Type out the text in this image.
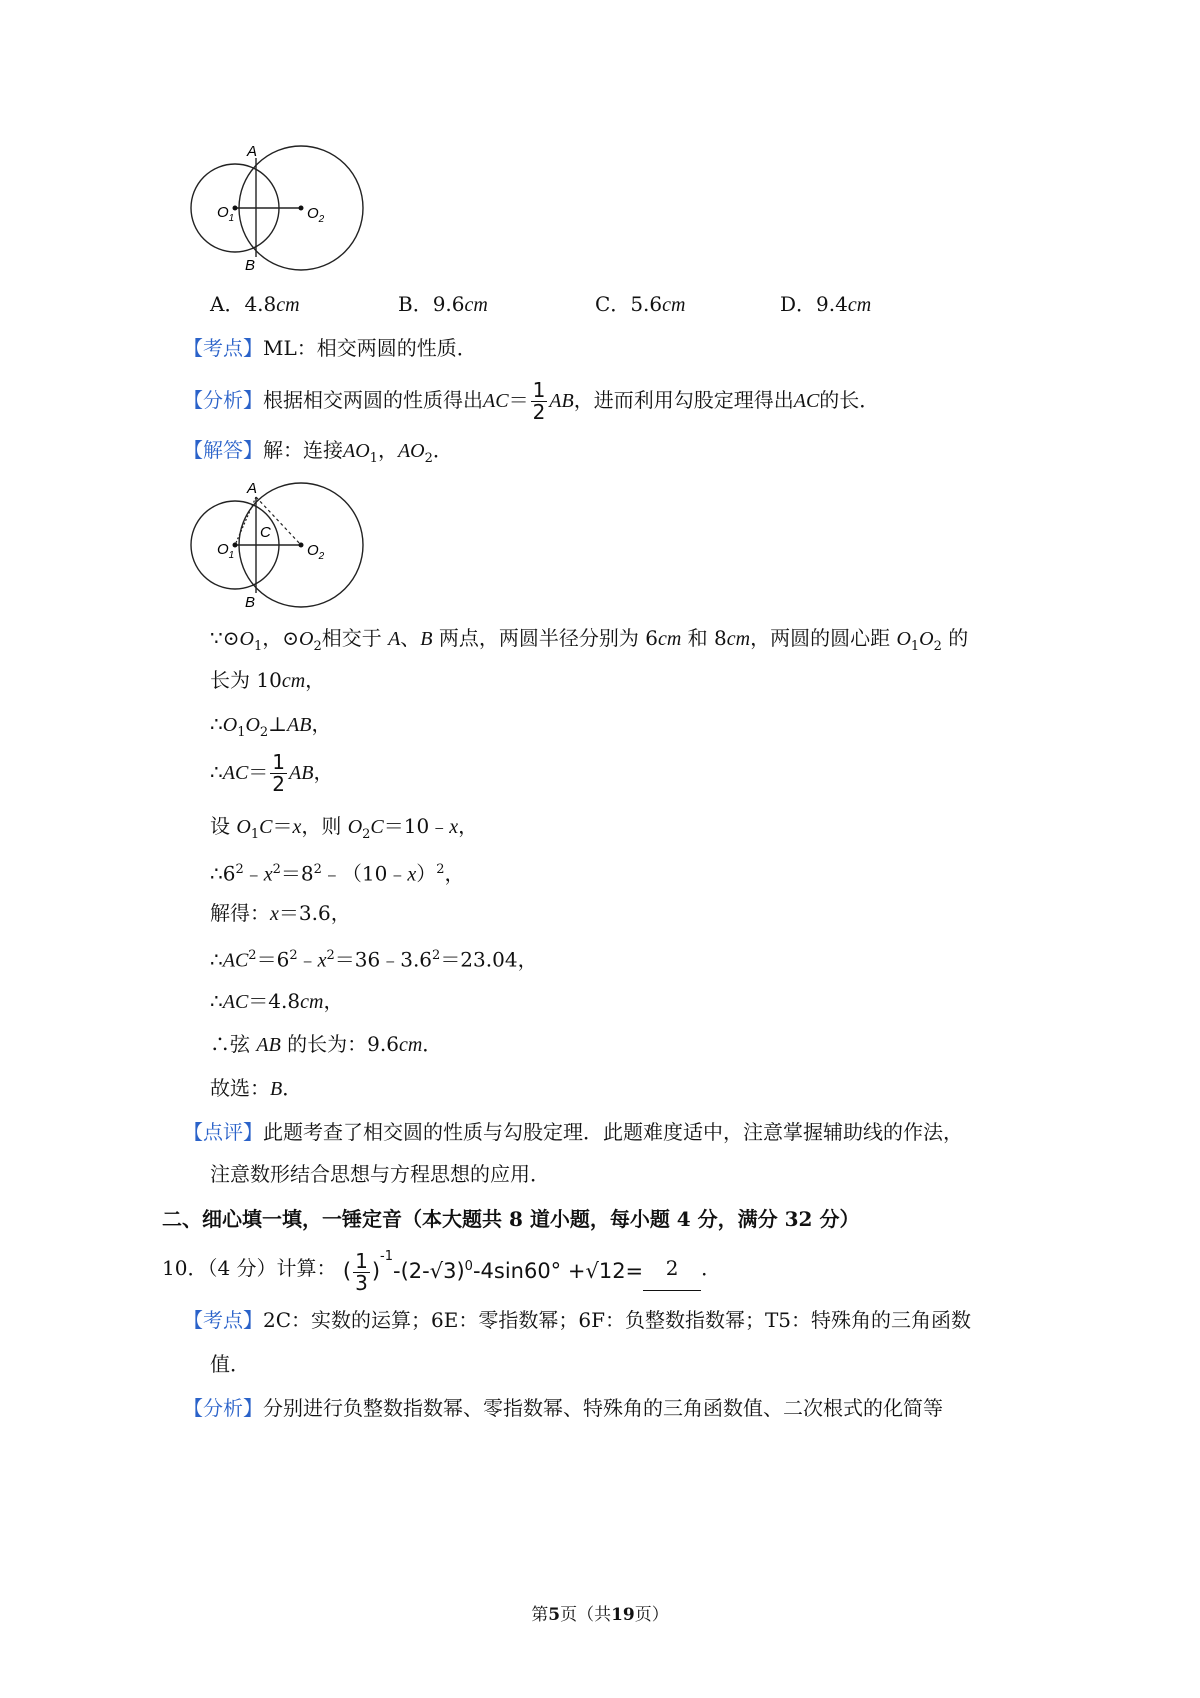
A
B
$O_1$	$O_2$
A．4.8cm	B．9.6cm	C．5.6cm	D．9.4cm
【考点】ML：相交两圆的性质．
【分析】根据相交两圆的性质得出$AC= \frac{1}{2}$ AB，进而利用勾股定理得出AC的长．
【解答】解：连接$AO_1$，$AO_2$．
A
C
B
$O_1$	$O_2$
$\because⊙O_1$，$⊙O_2$相交于 A、B 两点，两圆半径分别为 6cm 和 8cm，两圆的圆心距 $O_1O_2$ 的
长为 10cm，
$\therefore O_1O_2\perp AB$，
∴AC＝ $\frac{1}{2}$ AB，
设 $O_1C=x$，则 $O_2C=10﹣x$，
$\therefore 6^2﹣x^2=8^2﹣(10﹣x)^2$，
解得：x＝3.6，
$\therefore AC^2=6^2﹣x^2=36﹣3.6^2=23.04$，
∴AC＝4.8cm，
∴弦 AB 的长为：9.6cm．
故选：B．
【点评】此题考查了相交圆的性质与勾股定理．此题难度适中，注意掌握辅助线的作法，
注意数形结合思想与方程思想的应用．
二、细心填一填，一锤定音（本大题共 8 道小题，每小题 4 分，满分 32 分）
10．（4 分）计算： ( $\frac{1}{3} )^{-1}-(2-√3)^0-4\sin 60^\circ +√12= 2$ ．
【考点】2C：实数的运算；6E：零指数幂；6F：负整数指数幂；T5：特殊角的三角函数
值．
【分析】分别进行负整数指数幂、零指数幂、特殊角的三角函数值、二次根式的化简等
第5页（共19页）
